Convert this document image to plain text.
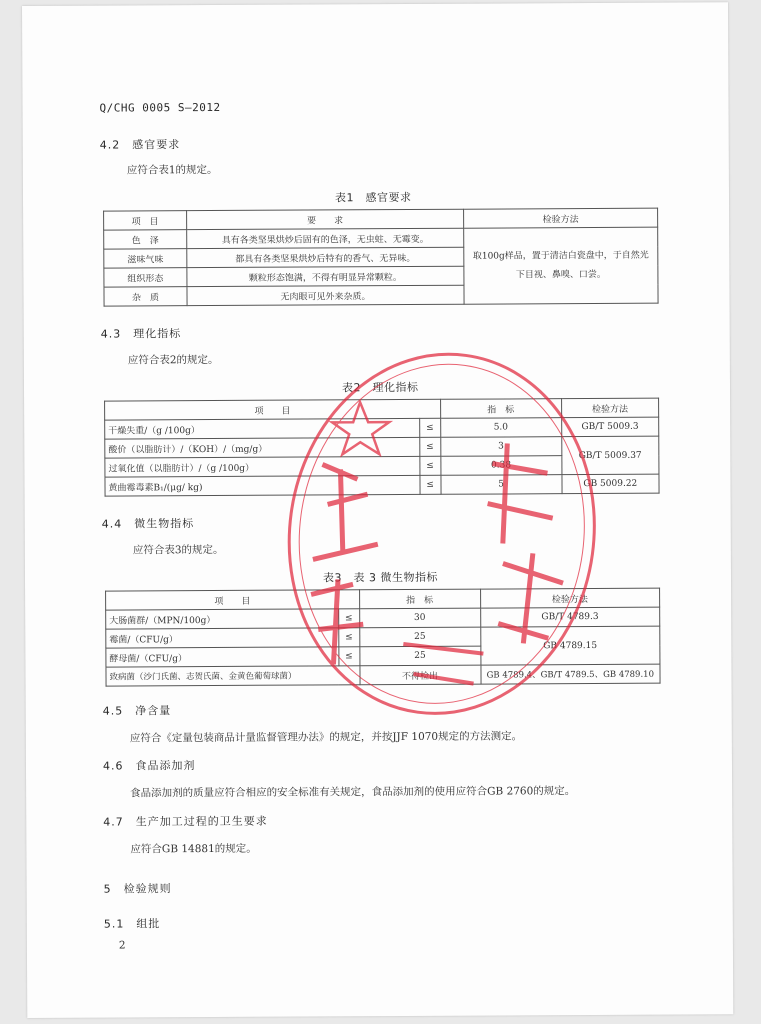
Q/CHG 0005 S—2012
4.2　感官要求
应符合表1的规定。
表1　感官要求
项　目	要　　求	检验方法
色　泽	具有各类坚果烘炒后固有的色泽，无虫蛀、无霉变。	取100g样品，置于清洁白瓷盘中，于自然光下目视、鼻嗅、口尝。
滋味气味	都具有各类坚果烘炒后特有的香气、无异味。	
组织形态	颗粒形态饱满，不得有明显异常颗粒。	
杂　质	无肉眼可见外来杂质。	
4.3　理化指标
应符合表2的规定。
表2　理化指标
项　　目		指　标	检验方法
干燥失重/（g /100g）	≤	5.0	GB/T 5009.3
酸价（以脂肪计）/（KOH）/（mg/g）	≤	3	GB/T 5009.37
过氧化值（以脂肪计）/（g /100g）	≤	0.38	
黄曲霉毒素B₁/(μg/ kg)	≤	5	GB 5009.22
4.4　微生物指标
应符合表3的规定。
表3　表 3 微生物指标
项　　目		指　标	检验方法
大肠菌群/（MPN/100g）	≤	30	GB/T 4789.3
霉菌/（CFU/g）	≤	25	GB 4789.15
酵母菌/（CFU/g）	≤	25	
致病菌（沙门氏菌、志贺氏菌、金黄色葡萄球菌）		不得检出	GB 4789.4、GB/T 4789.5、GB 4789.10
4.5　净含量
应符合《定量包装商品计量监督管理办法》的规定，并按JJF 1070规定的方法测定。
4.6　食品添加剂
食品添加剂的质量应符合相应的安全标准有关规定，食品添加剂的使用应符合GB 2760的规定。
4.7　生产加工过程的卫生要求
应符合GB 14881的规定。
5　检验规则
5.1　组批
2
